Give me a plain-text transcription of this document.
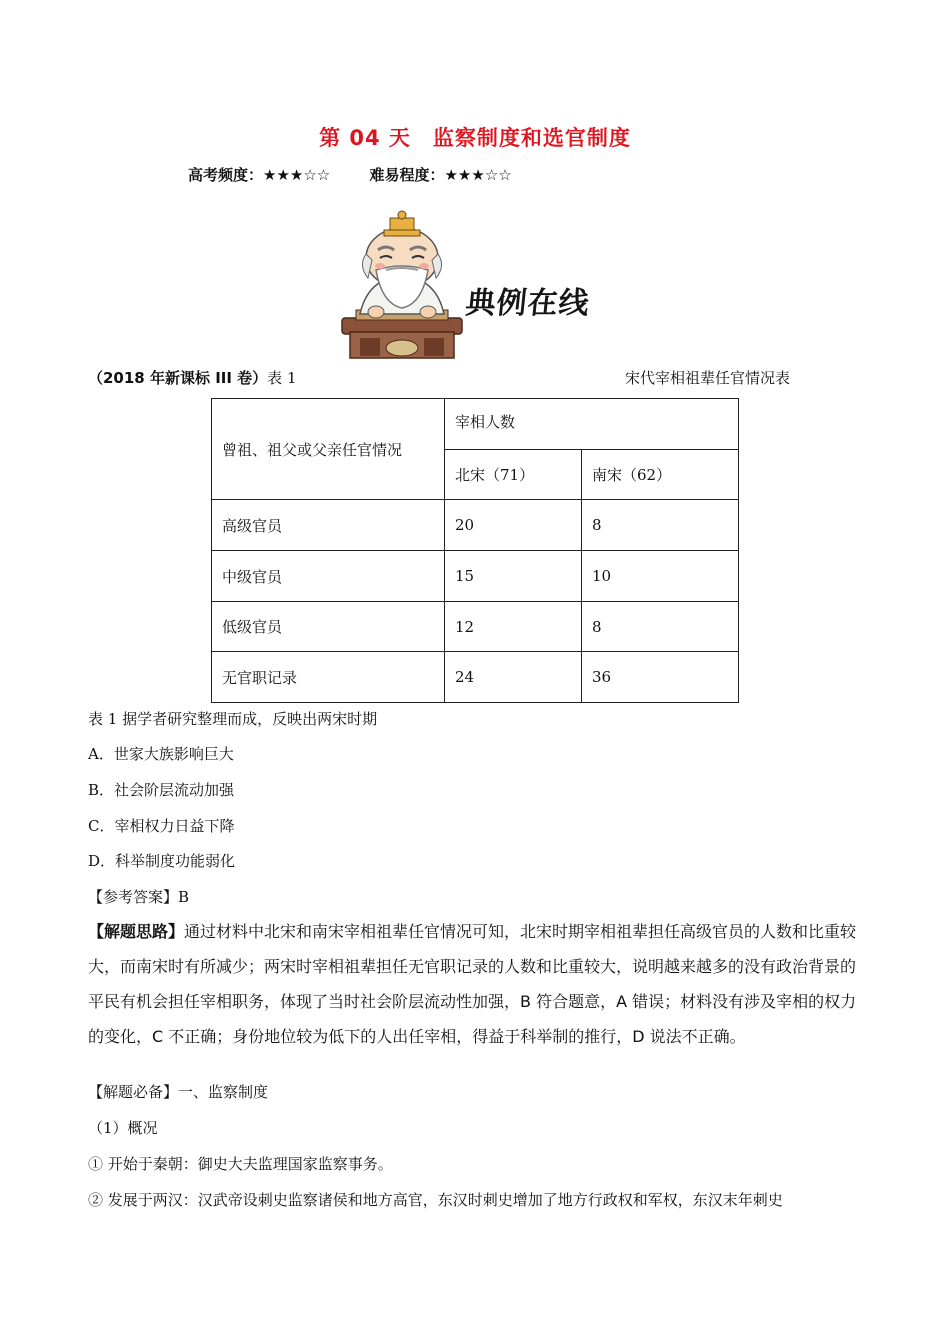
第 04 天 监察制度和选官制度
高考频度：★★★☆☆	难易程度：★★★☆☆
典例在线
（2018 年新课标 III 卷）表 1	宋代宰相祖辈任官情况表
曾祖、祖父或父亲任官情况	宰相人数	
	北宋（71）	南宋（62）
高级官员	20	8
中级官员	15	10
低级官员	12	8
无官职记录	24	36
表 1 据学者研究整理而成，反映出两宋时期
A．世家大族影响巨大
B．社会阶层流动加强
C．宰相权力日益下降
D．科举制度功能弱化
【参考答案】B
【解题思路】通过材料中北宋和南宋宰相祖辈任官情况可知，北宋时期宰相祖辈担任高级官员的人数和比重较大，而南宋时有所减少；两宋时宰相祖辈担任无官职记录的人数和比重较大，说明越来越多的没有政治背景的平民有机会担任宰相职务，体现了当时社会阶层流动性加强，B 符合题意，A 错误；材料没有涉及宰相的权力的变化，C 不正确；身份地位较为低下的人出任宰相，得益于科举制的推行，D 说法不正确。
【解题必备】一、监察制度
（1）概况
① 开始于秦朝：御史大夫监理国家监察事务。
② 发展于两汉：汉武帝设刺史监察诸侯和地方高官，东汉时刺史增加了地方行政权和军权，东汉末年刺史
